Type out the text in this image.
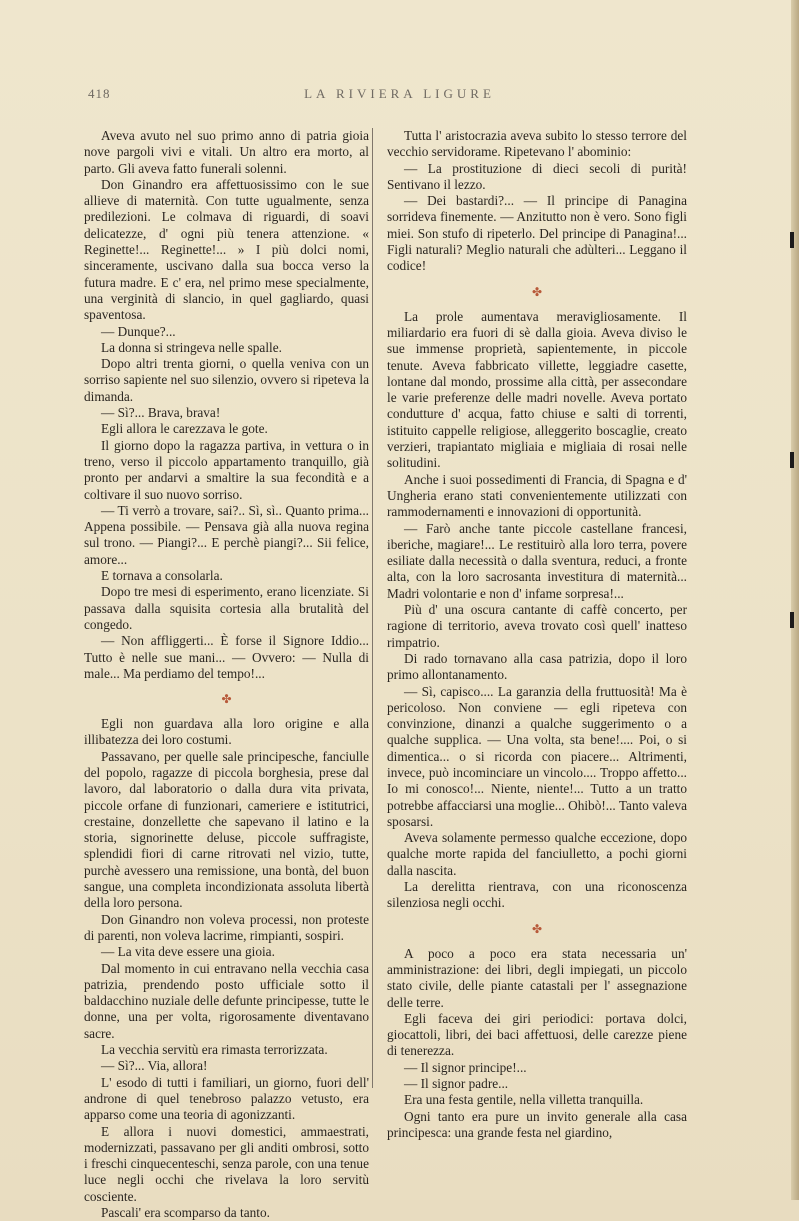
418	LA RIVIERA LIGURE

Aveva avuto nel suo primo anno di patria gioia nove pargoli vivi e vitali. Un altro era morto, al parto. Gli aveva fatto funerali solenni.

Don Ginandro era affettuosissimo con le sue allieve di maternità. Con tutte ugualmente, senza predilezioni. Le colmava di riguardi, di soavi delicatezze, d' ogni più tenera attenzione. « Reginette!... Reginette!... » I più dolci nomi, sinceramente, uscivano dalla sua bocca verso la futura madre. E c' era, nel primo mese specialmente, una verginità di slancio, in quel gagliardo, quasi spaventosa.

— Dunque?...

La donna si stringeva nelle spalle.

Dopo altri trenta giorni, o quella veniva con un sorriso sapiente nel suo silenzio, ovvero si ripeteva la dimanda.

— Sì?... Brava, brava!

Egli allora le carezzava le gote.

Il giorno dopo la ragazza partiva, in vettura o in treno, verso il piccolo appartamento tranquillo, già pronto per andarvi a smaltire la sua fecondità e a coltivare il suo nuovo sorriso.

— Ti verrò a trovare, sai?.. Sì, sì.. Quanto prima... Appena possibile. — Pensava già alla nuova regina sul trono. — Piangi?... E perchè piangi?... Sii felice, amore...

E tornava a consolarla.

Dopo tre mesi di esperimento, erano licenziate. Si passava dalla squisita cortesia alla brutalità del congedo.

— Non affliggerti... È forse il Signore Iddio... Tutto è nelle sue mani... — Ovvero: — Nulla di male... Ma perdiamo del tempo!...

✤

Egli non guardava alla loro origine e alla illibatezza dei loro costumi.

Passavano, per quelle sale principesche, fanciulle del popolo, ragazze di piccola borghesia, prese dal lavoro, dal laboratorio o dalla dura vita privata, piccole orfane di funzionari, cameriere e istitutrici, crestaine, donzellette che sapevano il latino e la storia, signorinette deluse, piccole suffragiste, splendidi fiori di carne ritrovati nel vizio, tutte, purchè avessero una remissione, una bontà, del buon sangue, una completa incondizionata assoluta libertà della loro persona.

Don Ginandro non voleva processi, non proteste di parenti, non voleva lacrime, rimpianti, sospiri.

— La vita deve essere una gioia.

Dal momento in cui entravano nella vecchia casa patrizia, prendendo posto ufficiale sotto il baldacchino nuziale delle defunte principesse, tutte le donne, una per volta, rigorosamente diventavano sacre.

La vecchia servitù era rimasta terrorizzata.

— Sì?... Via, allora!

L' esodo di tutti i familiari, un giorno, fuori dell' androne di quel tenebroso palazzo vetusto, era apparso come una teoria di agonizzanti.

E allora i nuovi domestici, ammaestrati, modernizzati, passavano per gli anditi ombrosi, sotto i freschi cinquecenteschi, senza parole, con una tenue luce negli occhi che rivelava la loro servitù cosciente.

Pascali' era scomparso da tanto.

Tutta l' aristocrazia aveva subito lo stesso terrore del vecchio servidorame. Ripetevano l' abominio:

— La prostituzione di dieci secoli di purità! Sentivano il lezzo.

— Dei bastardi?... — Il principe di Panagina sorrideva finemente. — Anzitutto non è vero. Sono figli miei. Son stufo di ripeterlo. Del principe di Panagina!... Figli naturali? Meglio naturali che adùlteri... Leggano il codice!

✤

La prole aumentava meravigliosamente. Il miliardario era fuori di sè dalla gioia. Aveva diviso le sue immense proprietà, sapientemente, in piccole tenute. Aveva fabbricato villette, leggiadre casette, lontane dal mondo, prossime alla città, per assecondare le varie preferenze delle madri novelle. Aveva portato condutture d' acqua, fatto chiuse e salti di torrenti, istituito cappelle religiose, alleggerito boscaglie, creato verzieri, trapiantato migliaia e migliaia di rosai nelle solitudini.

Anche i suoi possedimenti di Francia, di Spagna e d' Ungheria erano stati convenientemente utilizzati con rammodernamenti e innovazioni di opportunità.

— Farò anche tante piccole castellane francesi, iberiche, magiare!... Le restituirò alla loro terra, povere esiliate dalla necessità o dalla sventura, reduci, a fronte alta, con la loro sacrosanta investitura di maternità... Madri volontarie e non d' infame sorpresa!...

Più d' una oscura cantante di caffè concerto, per ragione di territorio, aveva trovato così quell' inatteso rimpatrio.

Di rado tornavano alla casa patrizia, dopo il loro primo allontanamento.

— Sì, capisco.... La garanzia della fruttuosità! Ma è pericoloso. Non conviene — egli ripeteva con convinzione, dinanzi a qualche suggerimento o a qualche supplica. — Una volta, sta bene!.... Poi, o si dimentica... o si ricorda con piacere... Altrimenti, invece, può incominciare un vincolo.... Troppo affetto... Io mi conosco!... Niente, niente!... Tutto a un tratto potrebbe affacciarsi una moglie... Ohibò!... Tanto valeva sposarsi.

Aveva solamente permesso qualche eccezione, dopo qualche morte rapida del fanciulletto, a pochi giorni dalla nascita.

La derelitta rientrava, con una riconoscenza silenziosa negli occhi.

✤

A poco a poco era stata necessaria un' amministrazione: dei libri, degli impiegati, un piccolo stato civile, delle piante catastali per l' assegnazione delle terre.

Egli faceva dei giri periodici: portava dolci, giocattoli, libri, dei baci affettuosi, delle carezze piene di tenerezza.

— Il signor principe!...

— Il signor padre...

Era una festa gentile, nella villetta tranquilla.

Ogni tanto era pure un invito generale alla casa principesca: una grande festa nel giardino,
